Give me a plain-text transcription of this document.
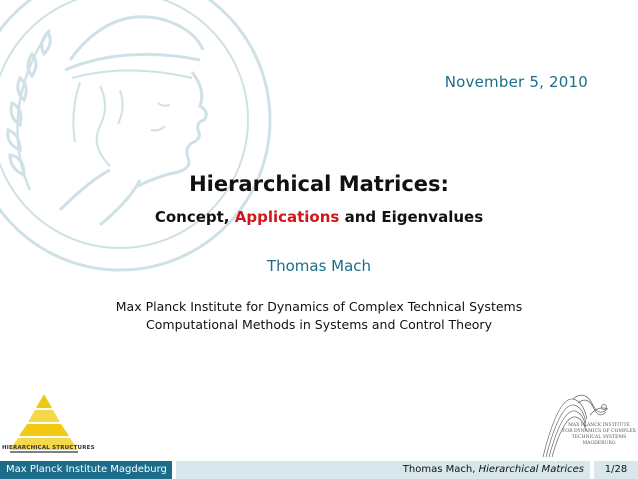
November 5, 2010
Hierarchical Matrices:
Concept, Applications and Eigenvalues
Thomas Mach
Max Planck Institute for Dynamics of Complex Technical Systems
Computational Methods in Systems and Control Theory
HIERARCHICAL STRUCTURES
MAX PLANCK INSTITUTE
FOR DYNAMICS OF COMPLEX
TECHNICAL SYSTEMS
MAGDEBURG
Max Planck Institute Magdeburg	Thomas Mach, Hierarchical Matrices	1/28
